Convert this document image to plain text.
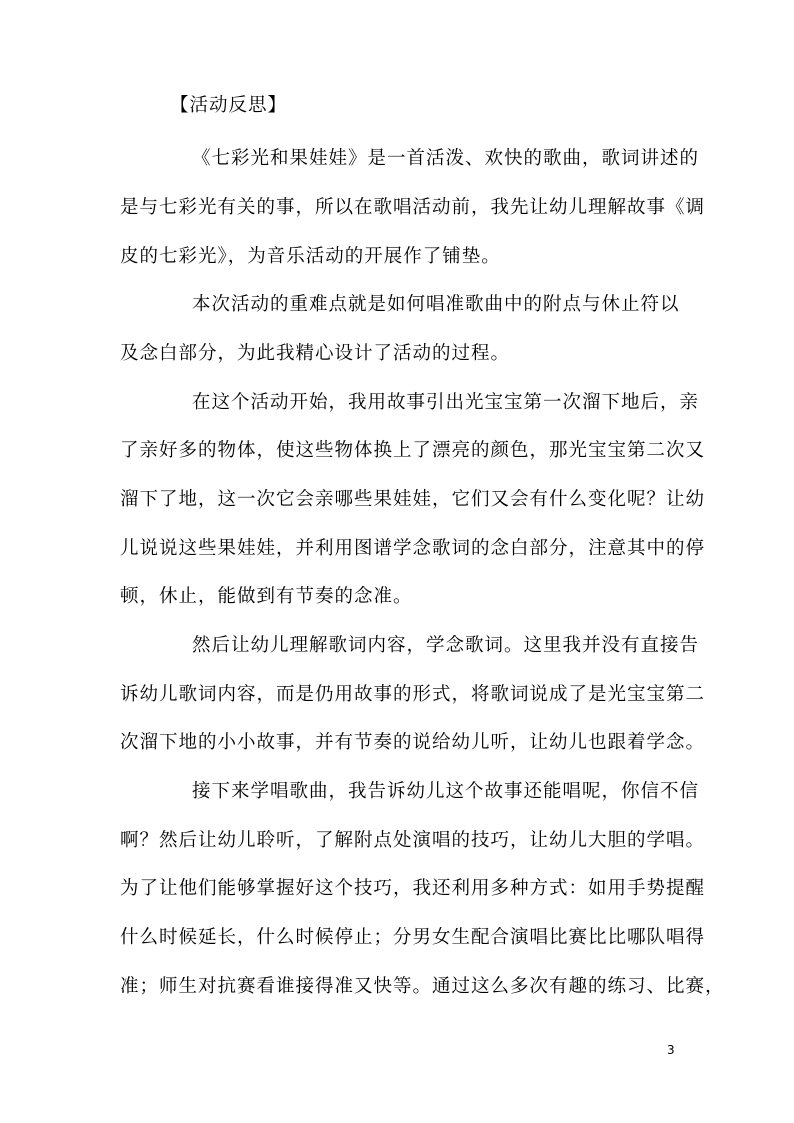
【活动反思】
《七彩光和果娃娃》是一首活泼、欢快的歌曲，歌词讲述的
是与七彩光有关的事，所以在歌唱活动前，我先让幼儿理解故事《调
皮的七彩光》，为音乐活动的开展作了铺垫。
本次活动的重难点就是如何唱准歌曲中的附点与休止符以
及念白部分，为此我精心设计了活动的过程。
在这个活动开始，我用故事引出光宝宝第一次溜下地后，亲
了亲好多的物体，使这些物体换上了漂亮的颜色，那光宝宝第二次又
溜下了地，这一次它会亲哪些果娃娃，它们又会有什么变化呢？让幼
儿说说这些果娃娃，并利用图谱学念歌词的念白部分，注意其中的停
顿，休止，能做到有节奏的念准。
然后让幼儿理解歌词内容，学念歌词。这里我并没有直接告
诉幼儿歌词内容，而是仍用故事的形式，将歌词说成了是光宝宝第二
次溜下地的小小故事，并有节奏的说给幼儿听，让幼儿也跟着学念。
接下来学唱歌曲，我告诉幼儿这个故事还能唱呢，你信不信
啊？然后让幼儿聆听，了解附点处演唱的技巧，让幼儿大胆的学唱。
为了让他们能够掌握好这个技巧，我还利用多种方式：如用手势提醒
什么时候延长，什么时候停止；分男女生配合演唱比赛比比哪队唱得
准；师生对抗赛看谁接得准又快等。通过这么多次有趣的练习、比赛，
3
